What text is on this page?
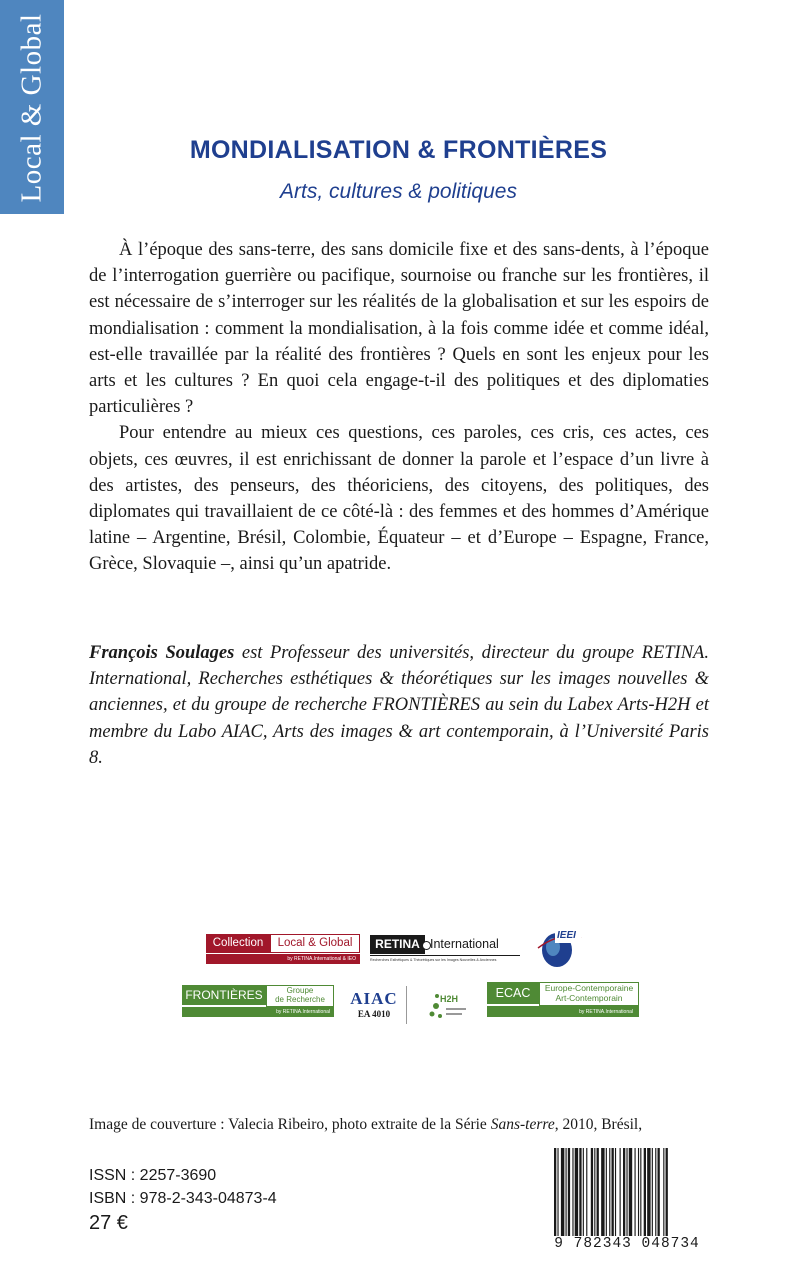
Local & Global	MONDIALISATION & FRONTIÈRES
Arts, cultures & politiques

À l’époque des sans-terre, des sans domicile fixe et des sans-dents, à l’époque de l’interrogation guerrière ou pacifique, sournoise ou franche sur les frontières, il est nécessaire de s’interroger sur les réalités de la globalisation et sur les espoirs de mondialisation : comment la mondialisation, à la fois comme idée et comme idéal, est-elle travaillée par la réalité des frontières ? Quels en sont les enjeux pour les arts et les cultures ? En quoi cela engage-t-il des politiques et des diplomaties particulières ?

Pour entendre au mieux ces questions, ces paroles, ces cris, ces actes, ces objets, ces œuvres, il est enrichissant de donner la parole et l’espace d’un livre à des artistes, des penseurs, des théoriciens, des citoyens, des politiques, des diplomates qui travaillaient de ce côté-là : des femmes et des hommes d’Amérique latine – Argentine, Brésil, Colombie, Équateur – et d’Europe – Espagne, France, Grèce, Slovaquie –, ainsi qu’un apatride.

François Soulages est Professeur des universités, directeur du groupe RETINA. International, Recherches esthétiques & théorétiques sur les images nouvelles & anciennes, et du groupe de recherche FRONTIÈRES au sein du Labex Arts-H2H et membre du Labo AIAC, Arts des images & art contemporain, à l’Université Paris 8.
Collection	Local & Global
by RETINA.International & IEO
RETINA International
Recherches Esthétiques & Théorétiques sur les Images Nouvelles & Anciennes
IEEI
FRONTIÈRES	Groupe
de Recherche
by RETINA.International
AIAC
EA 4010
H2H	ECAC	Europe-Contemporaine
Art-Contemporain
by RETINA.International
Image de couverture : Valecia Ribeiro, photo extraite de la Série Sans-terre, 2010, Brésil,
ISSN : 2257-3690
ISBN : 978-2-343-04873-4
27 €
9 782343 048734
